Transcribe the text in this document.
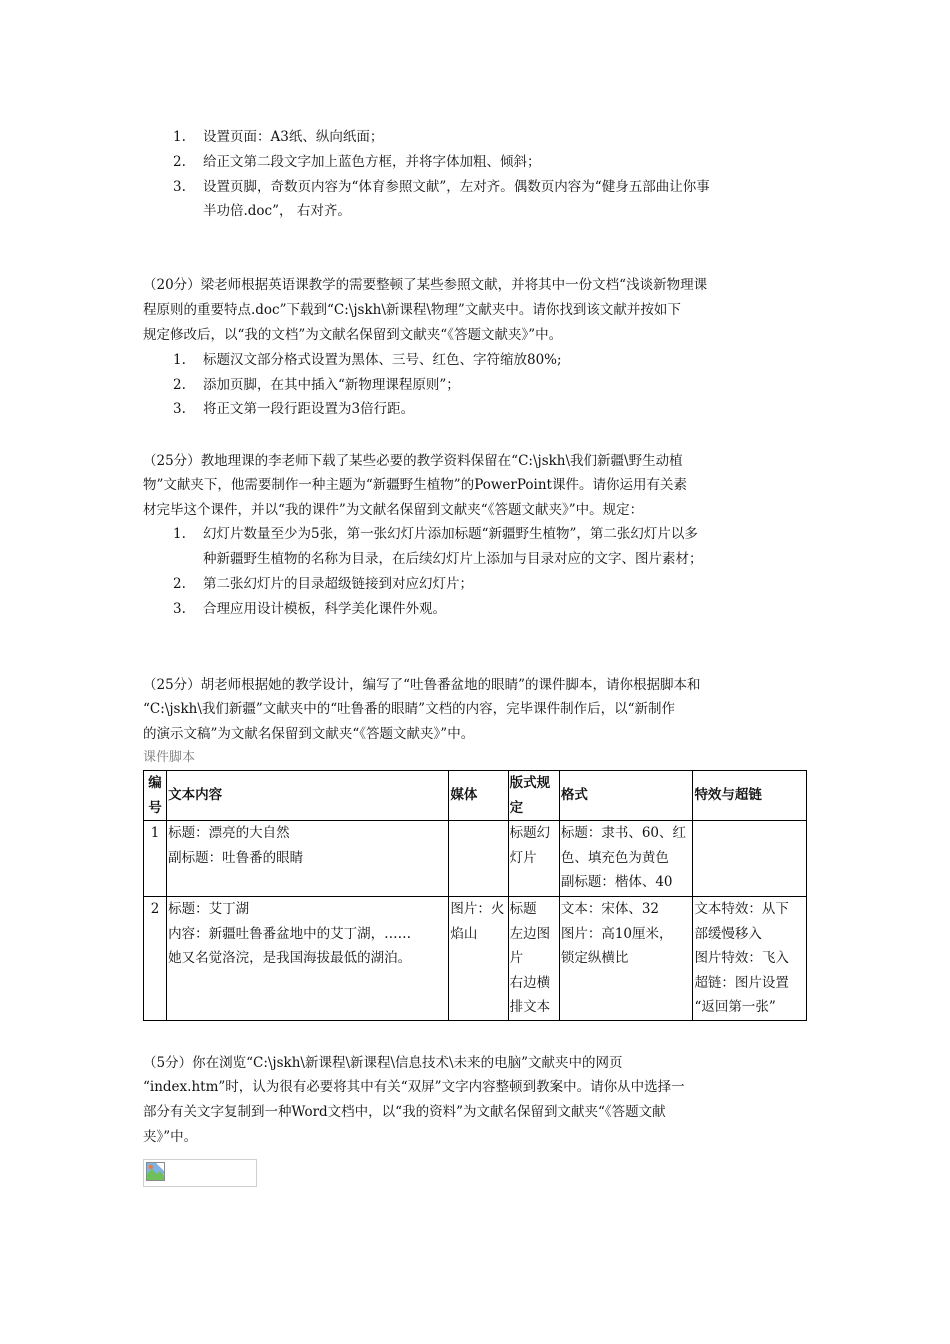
1. 设置页面：A3纸、纵向纸面；
2. 给正文第二段文字加上蓝色方框，并将字体加粗、倾斜；
3. 设置页脚，奇数页内容为“体育参照文献”，左对齐。偶数页内容为“健身五部曲让你事
半功倍.doc”， 右对齐。
（20分）梁老师根据英语课教学的需要整顿了某些参照文献，并将其中一份文档“浅谈新物理课
程原则的重要特点.doc”下载到“C:\jskh\新课程\物理”文献夹中。请你找到该文献并按如下
规定修改后，以“我的文档”为文献名保留到文献夹“《答题文献夹》”中。
1. 标题汉文部分格式设置为黑体、三号、红色、字符缩放80%;
2. 添加页脚，在其中插入“新物理课程原则”；
3. 将正文第一段行距设置为3倍行距。
（25分）教地理课的李老师下载了某些必要的教学资料保留在“C:\jskh\我们新疆\野生动植
物”文献夹下，他需要制作一种主题为“新疆野生植物”的PowerPoint课件。请你运用有关素
材完毕这个课件，并以“我的课件”为文献名保留到文献夹“《答题文献夹》”中。规定：
1. 幻灯片数量至少为5张，第一张幻灯片添加标题“新疆野生植物”，第二张幻灯片以多
种新疆野生植物的名称为目录，在后续幻灯片上添加与目录对应的文字、图片素材；
2. 第二张幻灯片的目录超级链接到对应幻灯片；
3. 合理应用设计模板，科学美化课件外观。
（25分）胡老师根据她的教学设计，编写了“吐鲁番盆地的眼睛”的课件脚本，请你根据脚本和
“C:\jskh\我们新疆”文献夹中的“吐鲁番的眼睛”文档的内容，完毕课件制作后，以“新制作
的演示文稿”为文献名保留到文献夹“《答题文献夹》”中。
课件脚本
编
号	文本内容	媒体	版式规
定	格式	特效与超链
1	标题：漂亮的大自然
副标题：吐鲁番的眼睛		标题幻
灯片	标题：隶书、60、红
色、填充色为黄色
副标题：楷体、40	
2	标题：艾丁湖
内容：新疆吐鲁番盆地中的艾丁湖，……
她又名觉洛浣，是我国海拔最低的湖泊。	图片：火
焰山	标题
左边图
片
右边横
排文本	文本：宋体、32
图片：高10厘米，
锁定纵横比	文本特效：从下
部缓慢移入
图片特效：飞入
超链：图片设置
“返回第一张”
（5分）你在浏览“C:\jskh\新课程\新课程\信息技术\未来的电脑”文献夹中的网页
“index.htm”时，认为很有必要将其中有关“双屏”文字内容整顿到教案中。请你从中选择一
部分有关文字复制到一种Word文档中，以“我的资料”为文献名保留到文献夹“《答题文献
夹》”中。
